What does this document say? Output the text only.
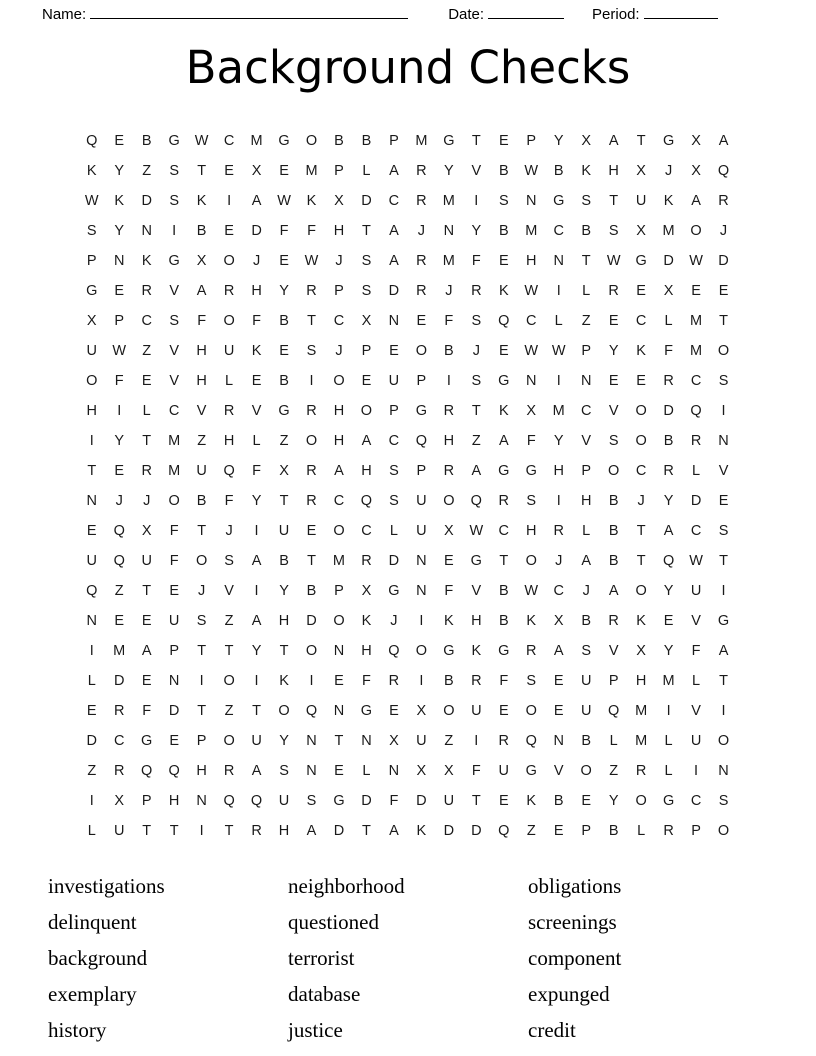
Name:	Date:	Period:
Background Checks
Q E B G W C M G O B B P M G T E P Y X A T G X A
K Y Z S T E X E M P	L	A R Y V B W B K H X	J	X Q
W K D S K	I	A W K X D C R M	I	S N G S T U K A R
S Y N	I	B E D F F H T A	J	N Y B M C B S X M O	J
P N K G X O	J	E W	J	S A R M F E H N T W G D W D
G E R V A R H Y R P S D R	J	R K W	I	L	R E X E E
X P C S F O F B T C X N E F S Q C	L	Z E C	L	M T
U W Z V H U K E S	J	P E O B	J	E W W P Y K F M O
O F E V H	L	E B	I	O E U P	I	S G N	I	N E E R C S
H	I	L	C V R V G R H O P G R T K X M C V O D Q	I
I	Y T M Z H	L	Z O H A C Q H Z A F Y V S O B R N
T E R M U Q F X R A H S P R A G G H P O C R	L	V
N	J	J	O B F Y T R C Q S U O Q R S	I	H B	J	Y D E
E Q X F T	J	I	U E O C	L	U X W C H R	L	B T A C S
U Q U F O S A B T M R D N E G T O	J	A B T Q W T
Q Z T E	J	V	I	Y B P X G N F V B W C	J	A O Y U	I
N E E U S Z A H D O K	J	I	K H B K X B R K E V G
I	M A P T T Y T O N H Q O G K G R A S V X Y F A
L	D E N	I	O	I	K	I	E F R	I	B R F S E U P H M	L	T
E R F D T Z T O Q N G E X O U E O E U Q M	I	V	I
D C G E P O U Y N T N X U Z	I	R Q N B	L	M	L	U O
Z R Q Q H R A S N E	L	N X X F U G V O Z R	L	I	N
I	X P H N Q Q U S G D F D U T E K B E Y O G C S
L	U T T	I	T R H A D T A K D D Q Z E P B	L	R P O
investigations
delinquent
background
exemplary
history
neighborhood
questioned
terrorist
database
justice
obligations
screenings
component
expunged
credit
